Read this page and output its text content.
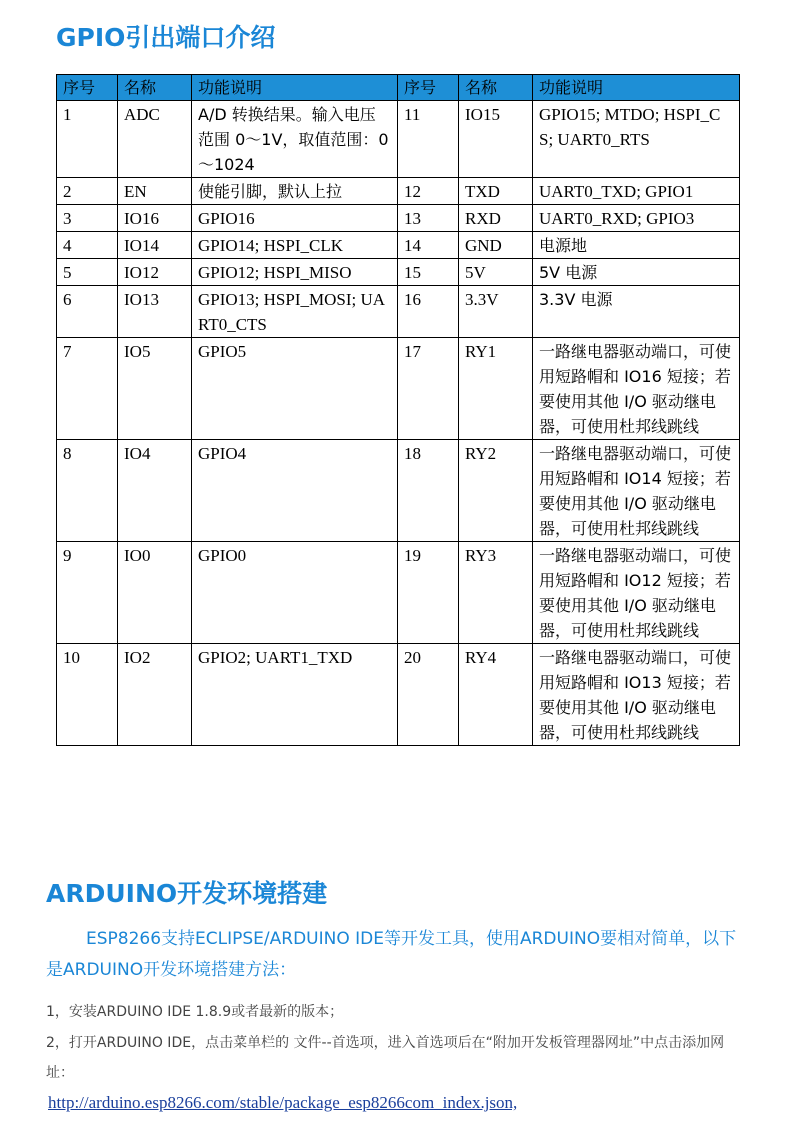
GPIO引出端口介绍
序号	名称	功能说明	序号	名称	功能说明
1	ADC	A/D 转换结果。输入电压范围 0～1V，取值范围：0～1024	11	IO15	GPIO15; MTDO; HSPI_CS; UART0_RTS
2	EN	使能引脚，默认上拉	12	TXD	UART0_TXD; GPIO1
3	IO16	GPIO16	13	RXD	UART0_RXD; GPIO3
4	IO14	GPIO14; HSPI_CLK	14	GND	电源地
5	IO12	GPIO12; HSPI_MISO	15	5V	5V 电源
6	IO13	GPIO13; HSPI_MOSI; UART0_CTS	16	3.3V	3.3V 电源
7	IO5	GPIO5	17	RY1	一路继电器驱动端口，可使用短路帽和 IO16 短接；若要使用其他 I/O 驱动继电器，可使用杜邦线跳线
8	IO4	GPIO4	18	RY2	一路继电器驱动端口，可使用短路帽和 IO14 短接；若要使用其他 I/O 驱动继电器，可使用杜邦线跳线
9	IO0	GPIO0	19	RY3	一路继电器驱动端口，可使用短路帽和 IO12 短接；若要使用其他 I/O 驱动继电器，可使用杜邦线跳线
10	IO2	GPIO2; UART1_TXD	20	RY4	一路继电器驱动端口，可使用短路帽和 IO13 短接；若要使用其他 I/O 驱动继电器，可使用杜邦线跳线
ARDUINO开发环境搭建

ESP8266支持ECLIPSE/ARDUINO IDE等开发工具，使用ARDUINO要相对简单，以下是ARDUINO开发环境搭建方法：

1，安装ARDUINO IDE 1.8.9或者最新的版本；

2，打开ARDUINO IDE，点击菜单栏的 文件--首选项，进入首选项后在“附加开发板管理器网址”中点击添加网址：

http://arduino.esp8266.com/stable/package_esp8266com_index.json,
